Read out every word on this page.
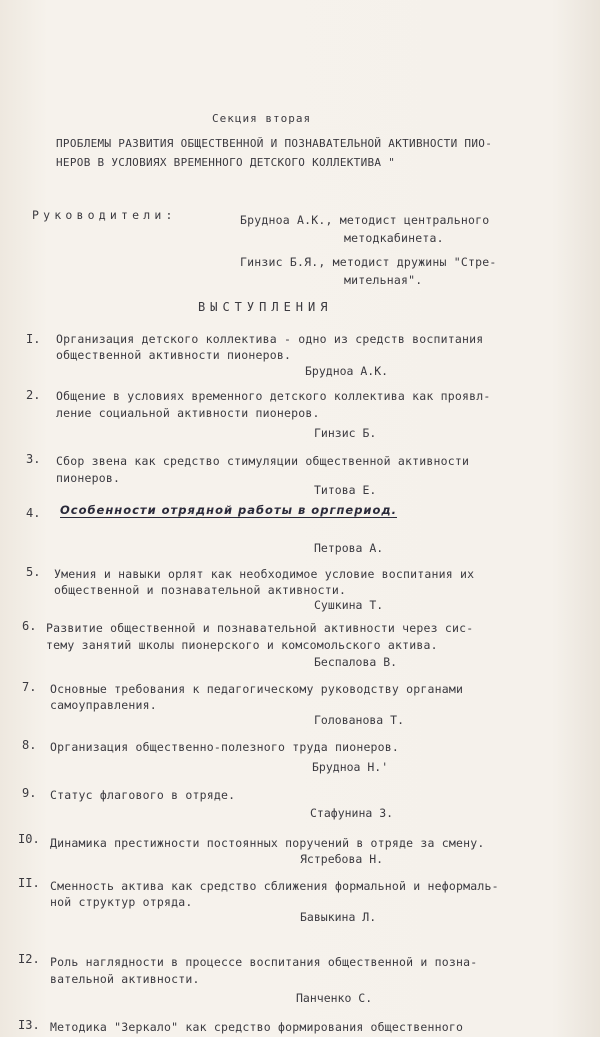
Секция вторая
ПРОБЛЕМЫ РАЗВИТИЯ ОБЩЕСТВЕННОЙ И ПОЗНАВАТЕЛЬНОЙ АКТИВНОСТИ ПИО-
НЕРОВ В УСЛОВИЯХ ВРЕМЕННОГО ДЕТСКОГО КОЛЛЕКТИВА "
Руководители:	Брудноа А.К., методист центрального
методкабинета.
Гинзис Б.Я., методист дружины "Стре-
мительная".
ВЫСТУПЛЕНИЯ
I. Организация детского коллектива - одно из средств воспитания
общественной активности пионеров.
Брудноа А.К.
2. Общение в условиях временного детского коллектива как проявл-
ление социальной активности пионеров.
Гинзис Б.
3. Сбор звена как средство стимуляции общественной активности
пионеров.
Титова Е.
4. Особенности отрядной работы в оргпериод.
Петрова А.
5. Умения и навыки орлят как необходимое условие воспитания их
общественной и познавательной активности.
Сушкина Т.
6. Развитие общественной и познавательной активности через сис-
тему занятий школы пионерского и комсомольского актива.
Беспалова В.
7. Основные требования к педагогическому руководству органами
самоуправления.
Голованова Т.
8. Организация общественно-полезного труда пионеров.
Брудноа Н.'
9. Статус флагового в отряде.
Стафунина З.
I0. Динамика престижности постоянных поручений в отряде за смену.
Ястребова Н.
II. Сменность актива как средство сближения формальной и неформаль-
ной структур отряда.
Бавыкина Л.
I2. Роль наглядности в процессе воспитания общественной и позна-
вательной активности.
Панченко С.
I3. Методика "Зеркало" как средство формирования общественного
